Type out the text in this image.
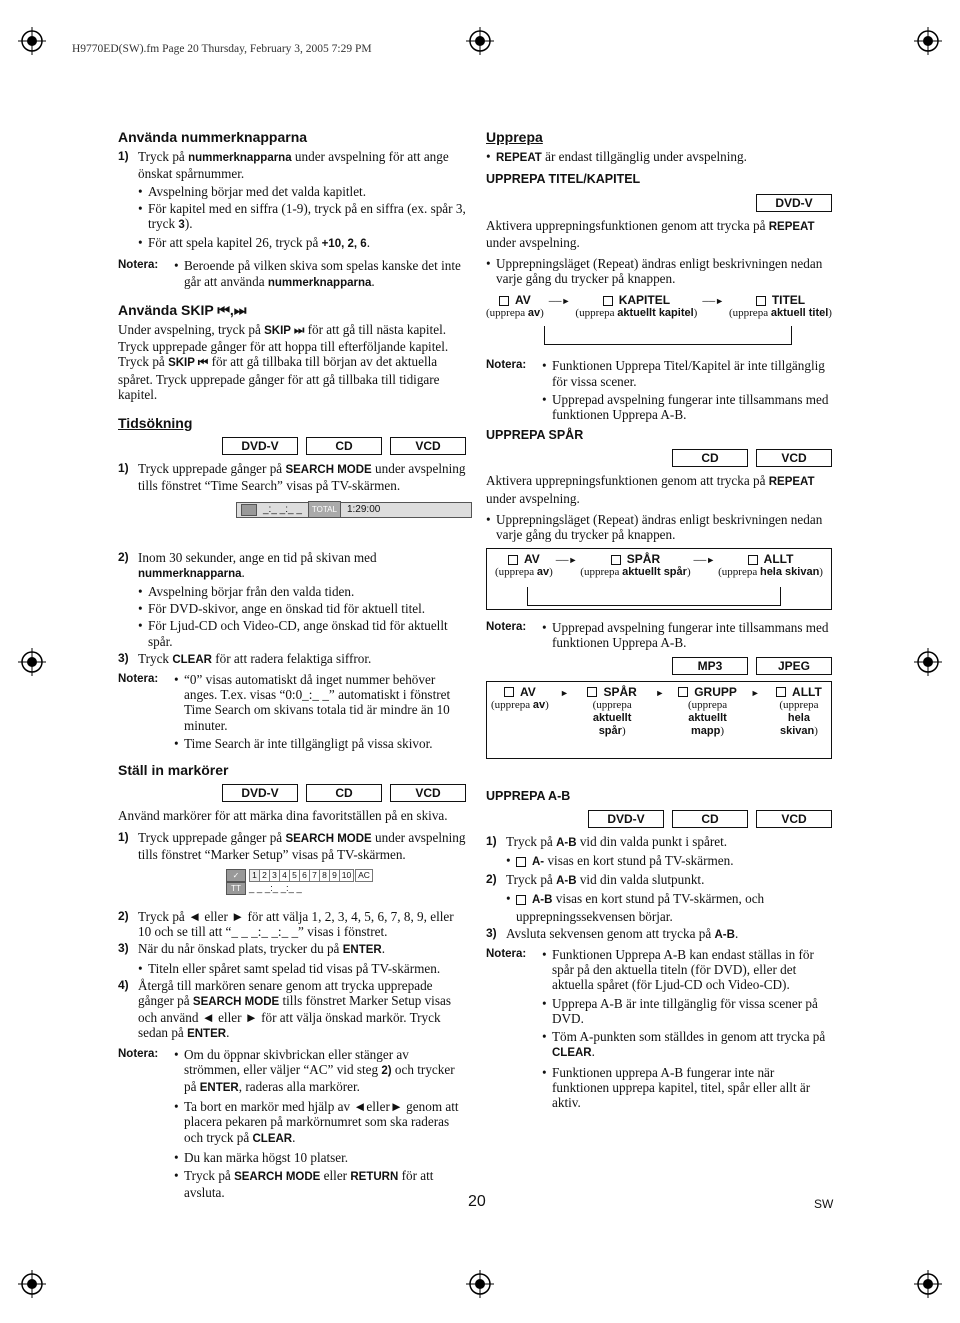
H9770ED(SW).fm Page 20 Thursday, February 3, 2005 7:29 PM
Använda nummerknapparna
1) Tryck på nummerknapparna under avspelning för att ange önskat spårnummer.
• Avspelning börjar med det valda kapitlet.
• För kapitel med en siffra (1-9), tryck på en siffra (ex. spår 3, tryck 3).
• För att spela kapitel 26, tryck på +10, 2, 6.
Notera:	• Beroende på vilken skiva som spelas kanske det inte går att använda nummerknapparna.
Använda SKIP ⏮,⏭
Under avspelning, tryck på SKIP ⏭ för att gå till nästa kapitel. Tryck upprepade gånger för att hoppa till efterföljande kapitel. Tryck på SKIP ⏮ för att gå tillbaka till början av det aktuella spåret. Tryck upprepade gånger för att gå tillbaka till tidigare kapitel.
Tidsökning
DVD-V	CD	VCD
1) Tryck upprepade gånger på SEARCH MODE under avspelning tills fönstret “Time Search” visas på TV-skärmen.
_:_ _:_ _	TOTAL	1:29:00
2) Inom 30 sekunder, ange en tid på skivan med nummerknapparna.
• Avspelning börjar från den valda tiden.
• För DVD-skivor, ange en önskad tid för aktuell titel.
• För Ljud-CD och Video-CD, ange önskad tid för aktuellt spår.
3) Tryck CLEAR för att radera felaktiga siffror.
Notera:	• “0” visas automatiskt då inget nummer behöver anges. T.ex. visas “0:0_:_ _” automatiskt i fönstret Time Search om skivans totala tid är mindre än 10 minuter.
• Time Search är inte tillgängligt på vissa skivor.
Ställ in markörer
DVD-V	CD	VCD
Använd markörer för att märka dina favoritställen på en skiva.
1) Tryck upprepade gånger på SEARCH MODE under avspelning tills fönstret “Marker Setup” visas på TV-skärmen.
✓	1 2 3 4 5 6 7 8 9 10 AC
TT _ _ _:_ _:_ _
2) Tryck på ◄ eller ► för att välja 1, 2, 3, 4, 5, 6, 7, 8, 9, eller 10 och se till att “_ _ _:_ _:_ _” visas i fönstret.
3) När du når önskad plats, trycker du på ENTER.
• Titeln eller spåret samt spelad tid visas på TV-skärmen.
4) Återgå till markören senare genom att trycka upprepade gånger på SEARCH MODE tills fönstret Marker Setup visas och använd ◄ eller ► för att välja önskad markör. Tryck sedan på ENTER.
Notera:	• Om du öppnar skivbrickan eller stänger av strömmen, eller väljer “AC” vid steg 2) och trycker på ENTER, raderas alla markörer.
• Ta bort en markör med hjälp av ◄eller► genom att placera pekaren på markörnumret som ska raderas och tryck på CLEAR.
• Du kan märka högst 10 platser.
• Tryck på SEARCH MODE eller RETURN för att avsluta.
Upprepa
• REPEAT är endast tillgänglig under avspelning.
UPPREPA TITEL/KAPITEL
DVD-V
Aktivera upprepningsfunktionen genom att trycka på REPEAT under avspelning.
• Upprepningsläget (Repeat) ändras enligt beskrivningen nedan varje gång du trycker på knappen.
AV
(upprepa av)
──►	KAPITEL
(upprepa aktuellt kapitel)
──►	TITEL
(upprepa aktuell titel)
Notera:	• Funktionen Upprepa Titel/Kapitel är inte tillgänglig för vissa scener.
• Upprepad avspelning fungerar inte tillsammans med funktionen Upprepa A-B.
UPPREPA SPÅR
CD	VCD
Aktivera upprepningsfunktionen genom att trycka på REPEAT under avspelning.
• Upprepningsläget (Repeat) ändras enligt beskrivningen nedan varje gång du trycker på knappen.
AV
(upprepa av)
──►	SPÅR
(upprepa aktuellt spår)
──►	ALLT
(upprepa hela skivan)
Notera:	• Upprepad avspelning fungerar inte tillsammans med funktionen Upprepa A-B.
MP3	JPEG
AV
(upprepa av)
►	SPÅR
(upprepa
aktuellt spår)
►	GRUPP
(upprepa
aktuellt mapp)
►	ALLT
(upprepa
hela skivan)
UPPREPA A-B
DVD-V	CD	VCD
1) Tryck på A-B vid din valda punkt i spåret.
• A- visas en kort stund på TV-skärmen.
2) Tryck på A-B vid din valda slutpunkt.
• A-B visas en kort stund på TV-skärmen, och upprepningssekvensen börjar.
3) Avsluta sekvensen genom att trycka på A-B.
Notera:	• Funktionen Upprepa A-B kan endast ställas in för spår på den aktuella titeln (för DVD), eller det aktuella spåret (för Ljud-CD och Video-CD).
• Upprepa A-B är inte tillgänglig för vissa scener på DVD.
• Töm A-punkten som ställdes in genom att trycka på CLEAR.
• Funktionen upprepa A-B fungerar inte när funktionen upprepa kapitel, titel, spår eller allt är aktiv.
20	SW
